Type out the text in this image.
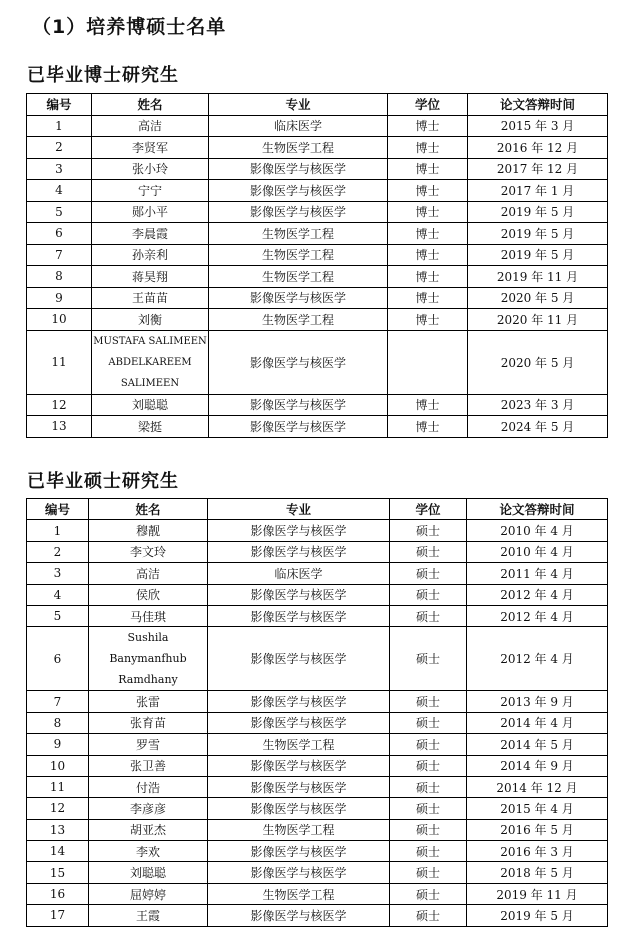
（1）培养博硕士名单
已毕业博士研究生
编号	姓名	专业	学位	论文答辩时间
1	高洁	临床医学	博士	2015 年 3 月
2	李贤军	生物医学工程	博士	2016 年 12 月
3	张小玲	影像医学与核医学	博士	2017 年 12 月
4	宁宁	影像医学与核医学	博士	2017 年 1 月
5	郧小平	影像医学与核医学	博士	2019 年 5 月
6	李晨霞	生物医学工程	博士	2019 年 5 月
7	孙亲利	生物医学工程	博士	2019 年 5 月
8	蒋昊翔	生物医学工程	博士	2019 年 11 月
9	王苗苗	影像医学与核医学	博士	2020 年 5 月
10	刘衡	生物医学工程	博士	2020 年 11 月
11	MUSTAFA SALIMEEN
ABDELKAREEM
SALIMEEN	影像医学与核医学		2020 年 5 月
12	刘聪聪	影像医学与核医学	博士	2023 年 3 月
13	梁挺	影像医学与核医学	博士	2024 年 5 月
已毕业硕士研究生
编号	姓名	专业	学位	论文答辩时间
1	穆靓	影像医学与核医学	硕士	2010 年 4 月
2	李文玲	影像医学与核医学	硕士	2010 年 4 月
3	高洁	临床医学	硕士	2011 年 4 月
4	侯欣	影像医学与核医学	硕士	2012 年 4 月
5	马佳琪	影像医学与核医学	硕士	2012 年 4 月
6	Sushila
Banymanfhub
Ramdhany	影像医学与核医学	硕士	2012 年 4 月
7	张雷	影像医学与核医学	硕士	2013 年 9 月
8	张育苗	影像医学与核医学	硕士	2014 年 4 月
9	罗雪	生物医学工程	硕士	2014 年 5 月
10	张卫善	影像医学与核医学	硕士	2014 年 9 月
11	付浩	影像医学与核医学	硕士	2014 年 12 月
12	李彦彦	影像医学与核医学	硕士	2015 年 4 月
13	胡亚杰	生物医学工程	硕士	2016 年 5 月
14	李欢	影像医学与核医学	硕士	2016 年 3 月
15	刘聪聪	影像医学与核医学	硕士	2018 年 5 月
16	屈婷婷	生物医学工程	硕士	2019 年 11 月
17	王霞	影像医学与核医学	硕士	2019 年 5 月
